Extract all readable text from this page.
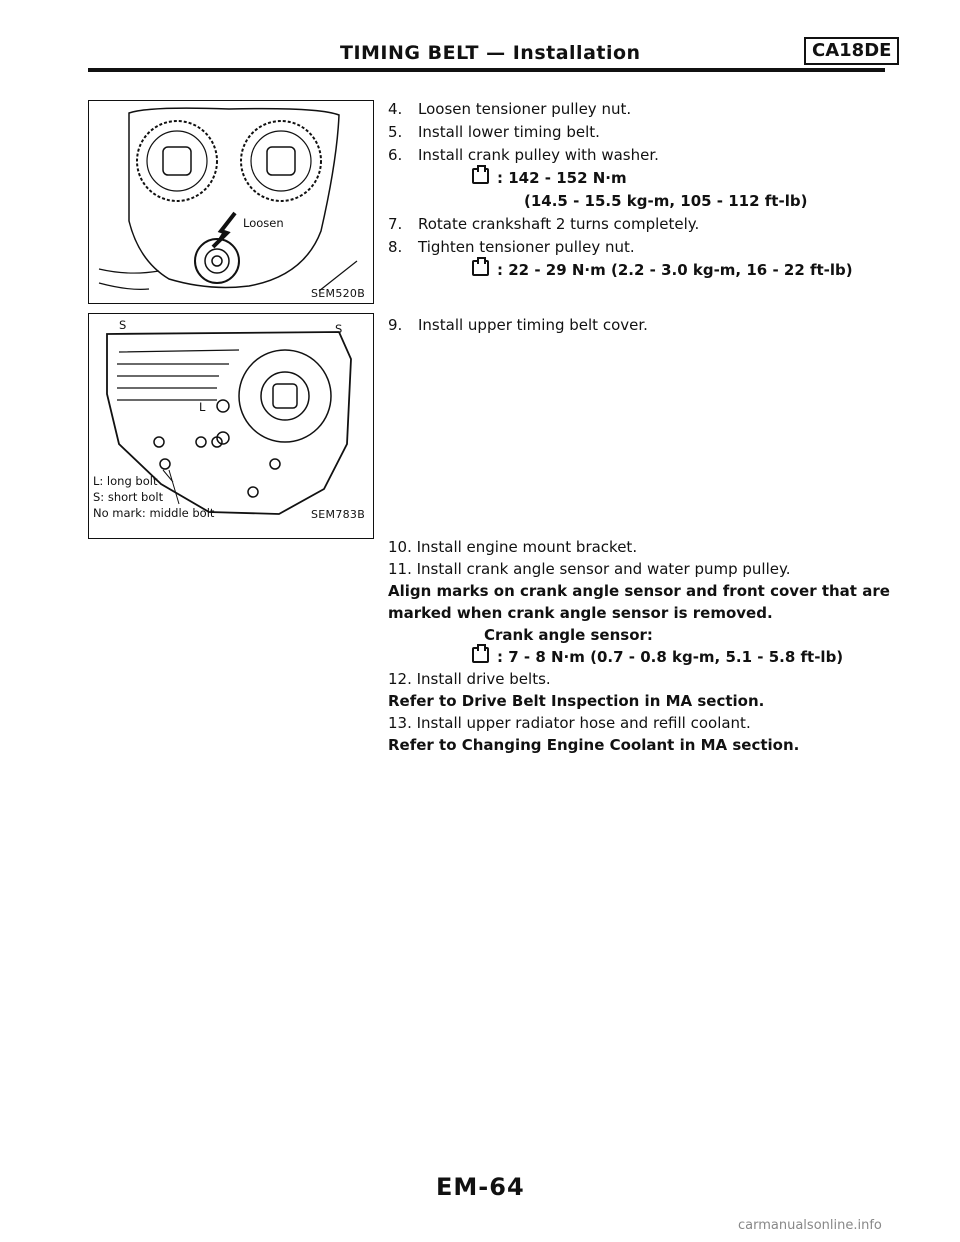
TIMING BELT — Installation	CA18DE
Loosen
SEM520B
S	S
L
L: long bolt
S: short bolt
No mark: middle bolt	SEM783B

4. Loosen tensioner pulley nut.

5. Install lower timing belt.

6. Install crank pulley with washer.

: 142 - 152 N·m

(14.5 - 15.5 kg-m, 105 - 112 ft-lb)

7. Rotate crankshaft 2 turns completely.

8. Tighten tensioner pulley nut.

: 22 - 29 N·m (2.2 - 3.0 kg-m, 16 - 22 ft-lb)

9. Install upper timing belt cover.

10. Install engine mount bracket.

11. Install crank angle sensor and water pump pulley.

Align marks on crank angle sensor and front cover that are

marked when crank angle sensor is removed.

Crank angle sensor:

: 7 - 8 N·m (0.7 - 0.8 kg-m, 5.1 - 5.8 ft-lb)

12. Install drive belts.

Refer to Drive Belt Inspection in MA section.

13. Install upper radiator hose and refill coolant.

Refer to Changing Engine Coolant in MA section.

EM-64
carmanualsonline.info
